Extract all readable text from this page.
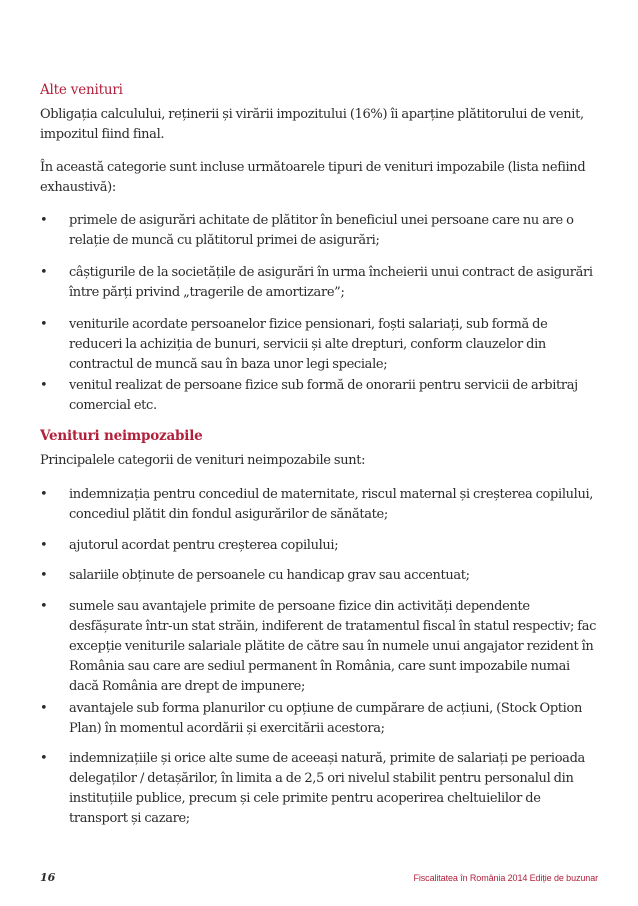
Alte venituri
Obligația calculului, reținerii și virării impozitului (16%) îi aparține plătitorului de venit, impozitul fiind final.
În această categorie sunt incluse următoarele tipuri de venituri impozabile (lista nefiind exhaustivă):
•	primele de asigurări achitate de plătitor în beneficiul unei persoane care nu are o relație de muncă cu plătitorul primei de asigurări;
•	câștigurile de la societățile de asigurări în urma încheierii unui contract de asigurări între părți privind „tragerile de amortizare”;
•	veniturile acordate persoanelor fizice pensionari, foști salariați, sub formă de reduceri la achiziția de bunuri, servicii și alte drepturi, conform clauzelor din contractul de muncă sau în baza unor legi speciale;
•	venitul realizat de persoane fizice sub formă de onorarii pentru servicii de arbitraj comercial etc.
Venituri neimpozabile
Principalele categorii de venituri neimpozabile sunt:
•	indemnizația pentru concediul de maternitate, riscul maternal și creșterea copilului, concediul plătit din fondul asigurărilor de sănătate;
•	ajutorul acordat pentru creșterea copilului;
•	salariile obținute de persoanele cu handicap grav sau accentuat;
•	sumele sau avantajele primite de persoane fizice din activități dependente desfășurate într-un stat străin, indiferent de tratamentul fiscal în statul respectiv; fac excepție veniturile salariale plătite de către sau în numele unui angajator rezident în România sau care are sediul permanent în România, care sunt impozabile numai dacă România are drept de impunere;
•	avantajele sub forma planurilor cu opțiune de cumpărare de acțiuni, (Stock Option Plan) în momentul acordării și exercitării acestora;
•	indemnizațiile și orice alte sume de aceeași natură, primite de salariați pe perioada delegaților / detașărilor, în limita a de 2,5 ori nivelul stabilit pentru personalul din instituțiile publice, precum și cele primite pentru acoperirea cheltuielilor de transport și cazare;
16	Fiscalitatea în România 2014 Ediție de buzunar
